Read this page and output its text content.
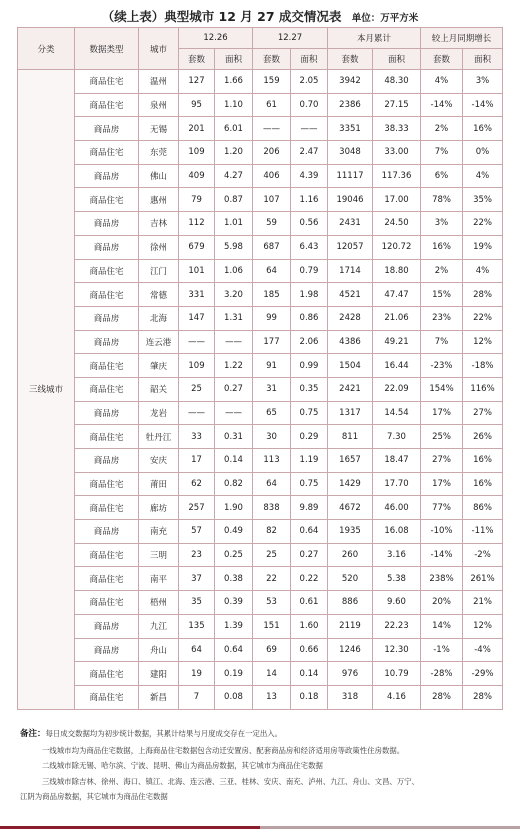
（续上表）典型城市 12 月 27 成交情况表 单位：万平方米
分类	数据类型	城市	12.26		12.27		本月累计		较上月同期增长	
			套数	面积	套数	面积	套数	面积	套数	面积
三线城市	商品住宅	温州	127	1.66	159	2.05	3942	48.30	4%	3%
	商品住宅	泉州	95	1.10	61	0.70	2386	27.15	-14%	-14%
	商品房	无锡	201	6.01	——	——	3351	38.33	2%	16%
	商品住宅	东莞	109	1.20	206	2.47	3048	33.00	7%	0%
	商品房	佛山	409	4.27	406	4.39	11117	117.36	6%	4%
	商品住宅	惠州	79	0.87	107	1.16	19046	17.00	78%	35%
	商品房	吉林	112	1.01	59	0.56	2431	24.50	3%	22%
	商品房	徐州	679	5.98	687	6.43	12057	120.72	16%	19%
	商品住宅	江门	101	1.06	64	0.79	1714	18.80	2%	4%
	商品住宅	常德	331	3.20	185	1.98	4521	47.47	15%	28%
	商品房	北海	147	1.31	99	0.86	2428	21.06	23%	22%
	商品房	连云港	——	——	177	2.06	4386	49.21	7%	12%
	商品住宅	肇庆	109	1.22	91	0.99	1504	16.44	-23%	-18%
	商品住宅	韶关	25	0.27	31	0.35	2421	22.09	154%	116%
	商品房	龙岩	——	——	65	0.75	1317	14.54	17%	27%
	商品住宅	牡丹江	33	0.31	30	0.29	811	7.30	25%	26%
	商品房	安庆	17	0.14	113	1.19	1657	18.47	27%	16%
	商品住宅	莆田	62	0.82	64	0.75	1429	17.70	17%	16%
	商品住宅	廊坊	257	1.90	838	9.89	4672	46.00	77%	86%
	商品房	南充	57	0.49	82	0.64	1935	16.08	-10%	-11%
	商品住宅	三明	23	0.25	25	0.27	260	3.16	-14%	-2%
	商品住宅	南平	37	0.38	22	0.22	520	5.38	238%	261%
	商品住宅	梧州	35	0.39	53	0.61	886	9.60	20%	21%
	商品房	九江	135	1.39	151	1.60	2119	22.23	14%	12%
	商品房	舟山	64	0.64	69	0.66	1246	12.30	-1%	-4%
	商品住宅	建阳	19	0.19	14	0.14	976	10.79	-28%	-29%
	商品住宅	新昌	7	0.08	13	0.18	318	4.16	28%	28%
备注：每日成交数据均为初步统计数据，其累计结果与月度成交存在一定出入。
一线城市均为商品住宅数据，上海商品住宅数据包含动迁安置房、配套商品房和经济适用房等政策性住房数据。
二线城市除无锡、哈尔滨、宁波、昆明、佛山为商品房数据，其它城市为商品住宅数据
三线城市除吉林、徐州、海口、镇江、北海、连云港、三亚、桂林、安庆、南充、泸州、九江、舟山、文昌、万宁、
江阴为商品房数据，其它城市为商品住宅数据
